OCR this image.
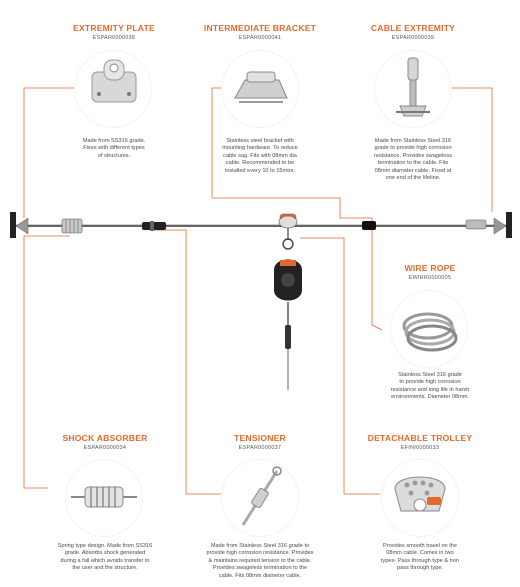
EXTREMITY PLATE
ESPAR0000038
Made from SS316 grade.
Fixes with different types
of structures.
INTERMEDIATE BRACKET
ESPAR0000041
Stainless steel bracket with
mounting hardware. To reduce
cable sag. Fits with 08mm dia
cable. Recommended to be
installed every 10 to 15mtrs.
CABLE EXTREMITY
ESPAR0000039
Made from Stainless Steel 316
grade to provide high corrosion
resistance. Provides swageless
termination to the cable. Fits
08mm diameter cable. Fixed at
one end of the lifeline.
WIRE ROPE
EWIRR0000005
Stainless Steel 316 grade
to provide high corrosion
resistance and long life in harsh
environments. Diameter 08mm.
SHOCK ABSORBER
ESPAR0000034
Spring type design. Made from SS316
grade. Absorbs shock generated
during a fall which avoids transfer to
the user and the structure.
TENSIONER
ESPAR0000037
Made from Stainless Steel 316 grade to
provide high corrosion resistance. Provides
& maintains required tension to the cable.
Provides swageless termination to the
cable. Fits 08mm diameter cable.
DETACHABLE TROLLEY
EFINI0000033
Provides smooth travel on the
08mm cable. Comes in two
types- Pass through type & non
pass through type.
